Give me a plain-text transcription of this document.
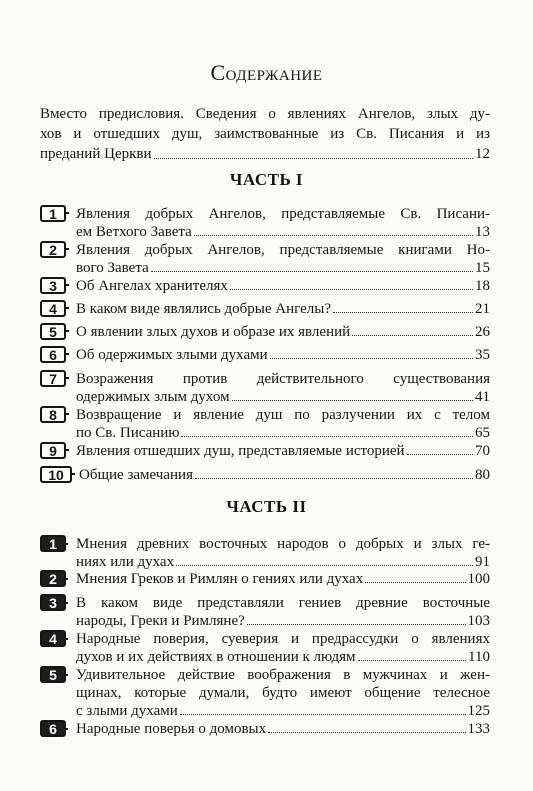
Содержание
Вместо предисловия. Сведения о явлениях Ангелов, злых ду-
хов и отшедших душ, заимствованные из Св. Писания и из
преданий Церкви	12
ЧАСТЬ I
1	Явления добрых Ангелов, представляемые Св. Писани-
ем Ветхого Завета	13
2	Явления добрых Ангелов, представляемые книгами Но-
вого Завета	15
3	Об Ангелах хранителях	18
4	В каком виде являлись добрые Ангелы?	21
5	О явлении злых духов и образе их явлений	26
6	Об одержимых злыми духами	35
7	Возражения против действительного существования
одержимых злым духом	41
8	Возвращение и явление душ по разлучении их с телом
по Св. Писанию	65
9	Явления отшедших душ, представляемые историей	70
10	Общие замечания	80
ЧАСТЬ II
1	Мнения древних восточных народов о добрых и злых ге-
ниях или духах	91
2	Мнения Греков и Римлян о гениях или духах	100
3	В каком виде представляли гениев древние восточные
народы, Греки и Римляне?	103
4	Народные поверия, суеверия и предрассудки о явлениях
духов и их действиях в отношении к людям	110
5	Удивительное действие воображения в мужчинах и жен-
щинах, которые думали, будто имеют общение телесное
с злыми духами	125
6	Народные поверья о домовых	133
